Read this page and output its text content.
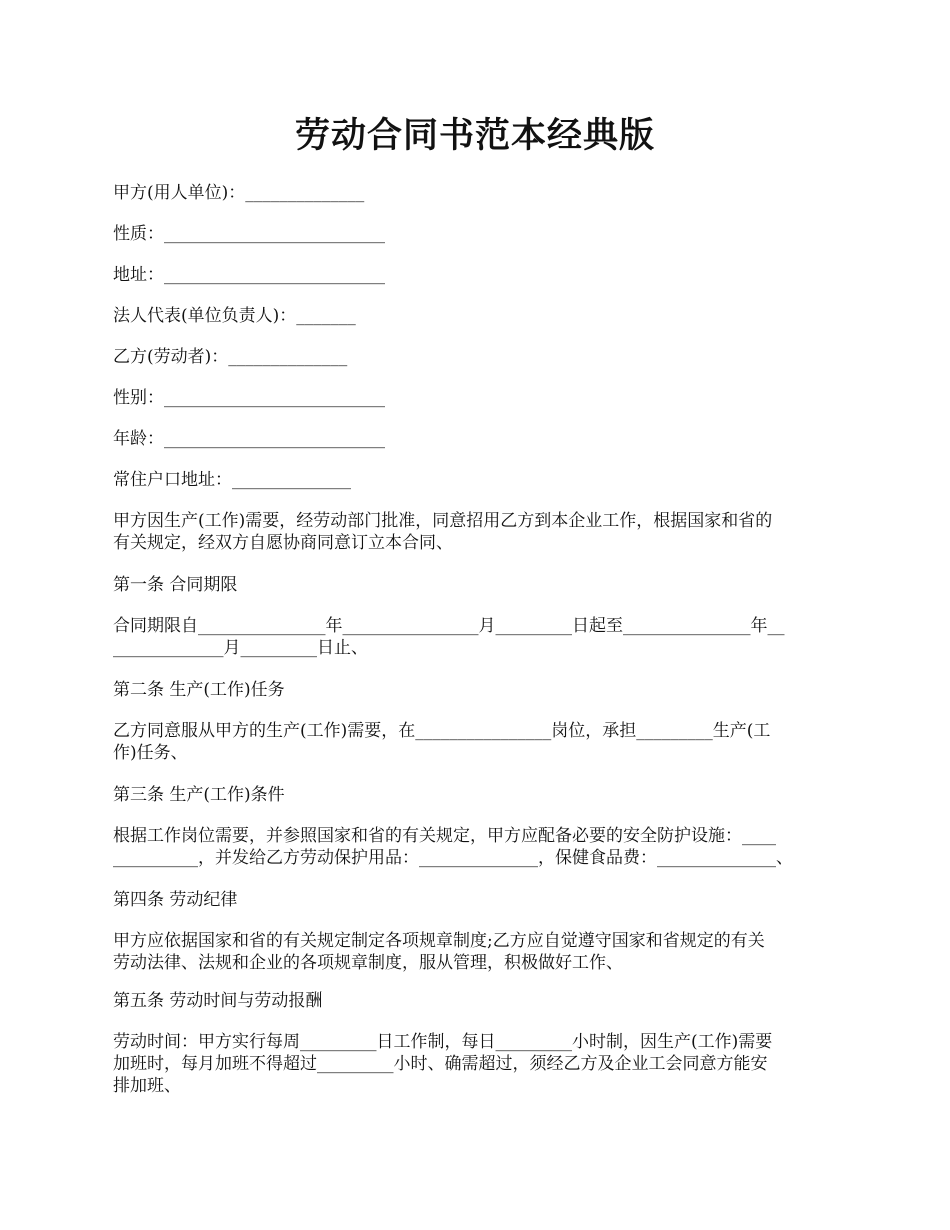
劳动合同书范本经典版

甲方(用人单位)：______________

性质：__________________________

地址：__________________________

法人代表(单位负责人)：_______

乙方(劳动者)：______________

性别：__________________________

年龄：__________________________

常住户口地址：______________

甲方因生产(工作)需要，经劳动部门批准，同意招用乙方到本企业工作，根据国家和省的
有关规定，经双方自愿协商同意订立本合同、

第一条 合同期限

合同期限自_______________年________________月_________日起至_______________年__
_____________月_________日止、

第二条 生产(工作)任务

乙方同意服从甲方的生产(工作)需要，在________________岗位，承担_________生产(工
作)任务、

第三条 生产(工作)条件

根据工作岗位需要，并参照国家和省的有关规定，甲方应配备必要的安全防护设施：____
__________，并发给乙方劳动保护用品：______________，保健食品费：______________、

第四条 劳动纪律

甲方应依据国家和省的有关规定制定各项规章制度;乙方应自觉遵守国家和省规定的有关
劳动法律、法规和企业的各项规章制度，服从管理，积极做好工作、

第五条 劳动时间与劳动报酬

劳动时间：甲方实行每周_________日工作制，每日_________小时制，因生产(工作)需要
加班时，每月加班不得超过_________小时、确需超过，须经乙方及企业工会同意方能安
排加班、
